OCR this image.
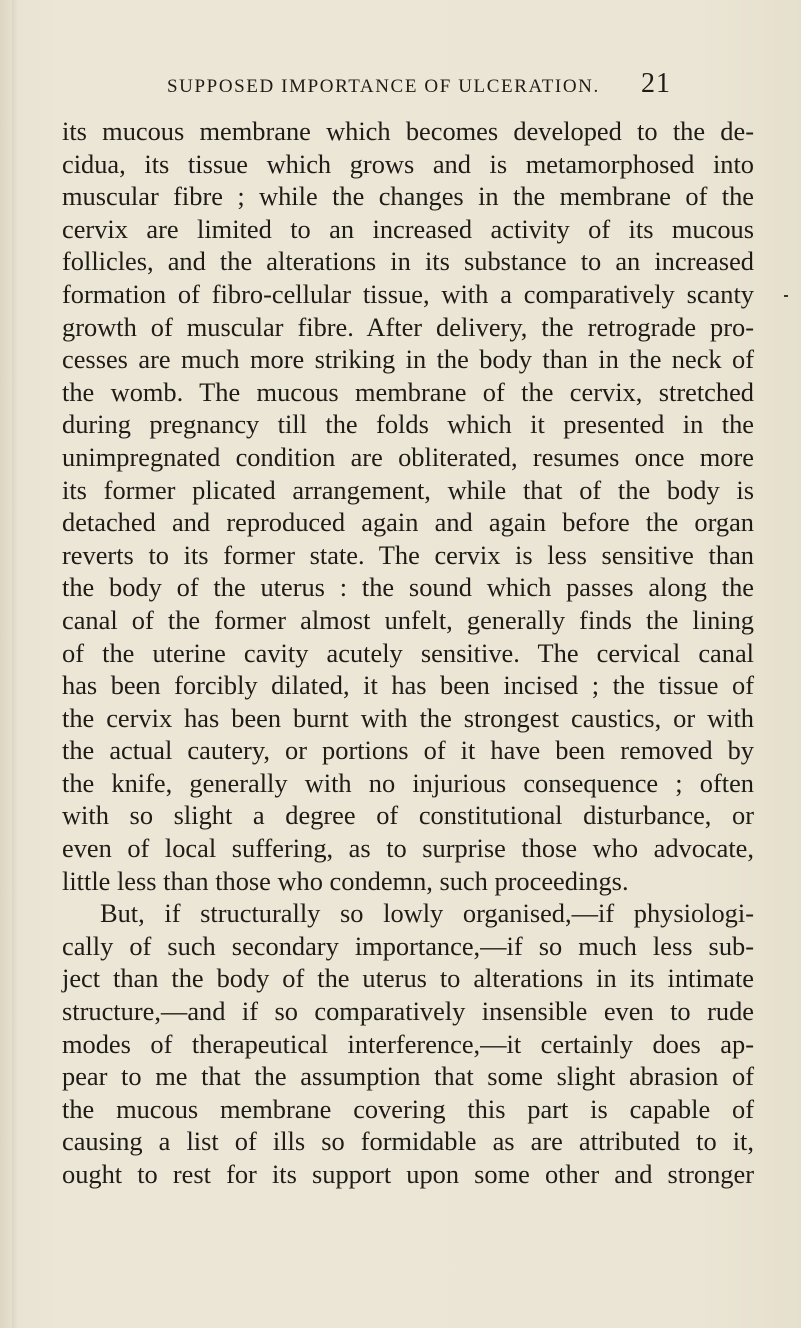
SUPPOSED IMPORTANCE OF ULCERATION. 21
its mucous membrane which becomes developed to the de-
cidua, its tissue which grows and is metamorphosed into
muscular fibre ; while the changes in the membrane of the
cervix are limited to an increased activity of its mucous
follicles, and the alterations in its substance to an increased
formation of fibro-cellular tissue, with a comparatively scanty
growth of muscular fibre. After delivery, the retrograde pro-
cesses are much more striking in the body than in the neck of
the womb. The mucous membrane of the cervix, stretched
during pregnancy till the folds which it presented in the
unimpregnated condition are obliterated, resumes once more
its former plicated arrangement, while that of the body is
detached and reproduced again and again before the organ
reverts to its former state. The cervix is less sensitive than
the body of the uterus : the sound which passes along the
canal of the former almost unfelt, generally finds the lining
of the uterine cavity acutely sensitive. The cervical canal
has been forcibly dilated, it has been incised ; the tissue of
the cervix has been burnt with the strongest caustics, or with
the actual cautery, or portions of it have been removed by
the knife, generally with no injurious consequence ; often
with so slight a degree of constitutional disturbance, or
even of local suffering, as to surprise those who advocate,
little less than those who condemn, such proceedings.
But, if structurally so lowly organised,—if physiologi-
cally of such secondary importance,—if so much less sub-
ject than the body of the uterus to alterations in its intimate
structure,—and if so comparatively insensible even to rude
modes of therapeutical interference,—it certainly does ap-
pear to me that the assumption that some slight abrasion of
the mucous membrane covering this part is capable of
causing a list of ills so formidable as are attributed to it,
ought to rest for its support upon some other and stronger
